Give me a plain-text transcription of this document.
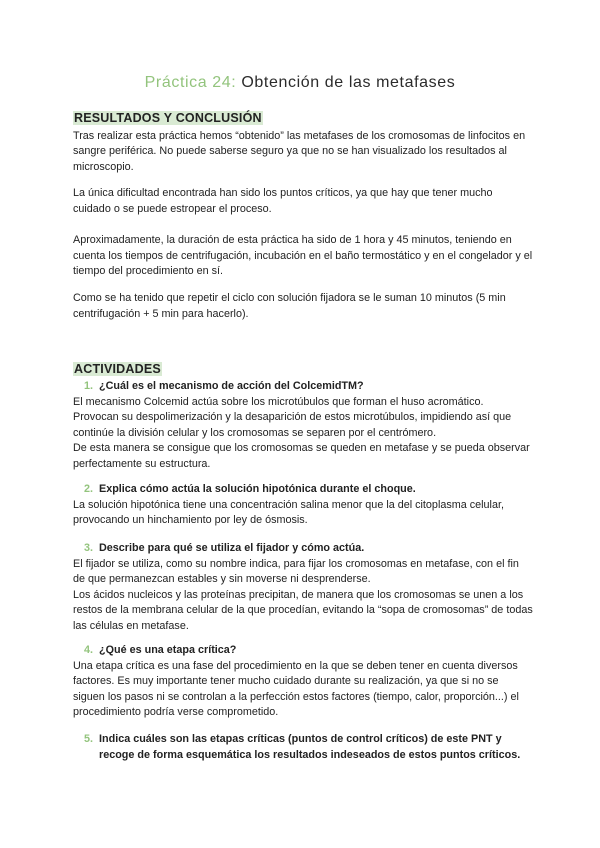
Práctica 24: Obtención de las metafases
RESULTADOS Y CONCLUSIÓN

Tras realizar esta práctica hemos “obtenido” las metafases de los cromosomas de linfocitos en sangre periférica. No puede saberse seguro ya que no se han visualizado los resultados al microscopio.

La única dificultad encontrada han sido los puntos críticos, ya que hay que tener mucho cuidado o se puede estropear el proceso.

Aproximadamente, la duración de esta práctica ha sido de 1 hora y 45 minutos, teniendo en cuenta los tiempos de centrifugación, incubación en el baño termostático y en el congelador y el tiempo del procedimiento en sí.

Como se ha tenido que repetir el ciclo con solución fijadora se le suman 10 minutos (5 min centrifugación + 5 min para hacerlo).

ACTIVIDADES
1. ¿Cuál es el mecanismo de acción del ColcemidTM?

El mecanismo Colcemid actúa sobre los microtúbulos que forman el huso acromático.

Provocan su despolimerización y la desaparición de estos microtúbulos, impidiendo así que continúe la división celular y los cromosomas se separen por el centrómero.

De esta manera se consigue que los cromosomas se queden en metafase y se pueda observar perfectamente su estructura.

2. Explica cómo actúa la solución hipotónica durante el choque.

La solución hipotónica tiene una concentración salina menor que la del citoplasma celular, provocando un hinchamiento por ley de ósmosis.

3. Describe para qué se utiliza el fijador y cómo actúa.

El fijador se utiliza, como su nombre indica, para fijar los cromosomas en metafase, con el fin de que permanezcan estables y sin moverse ni desprenderse.

Los ácidos nucleicos y las proteínas precipitan, de manera que los cromosomas se unen a los restos de la membrana celular de la que procedían, evitando la “sopa de cromosomas” de todas las células en metafase.

4. ¿Qué es una etapa crítica?

Una etapa crítica es una fase del procedimiento en la que se deben tener en cuenta diversos factores. Es muy importante tener mucho cuidado durante su realización, ya que si no se siguen los pasos ni se controlan a la perfección estos factores (tiempo, calor, proporción...) el procedimiento podría verse comprometido.

5. Indica cuáles son las etapas críticas (puntos de control críticos) de este PNT y recoge de forma esquemática los resultados indeseados de estos puntos críticos.
